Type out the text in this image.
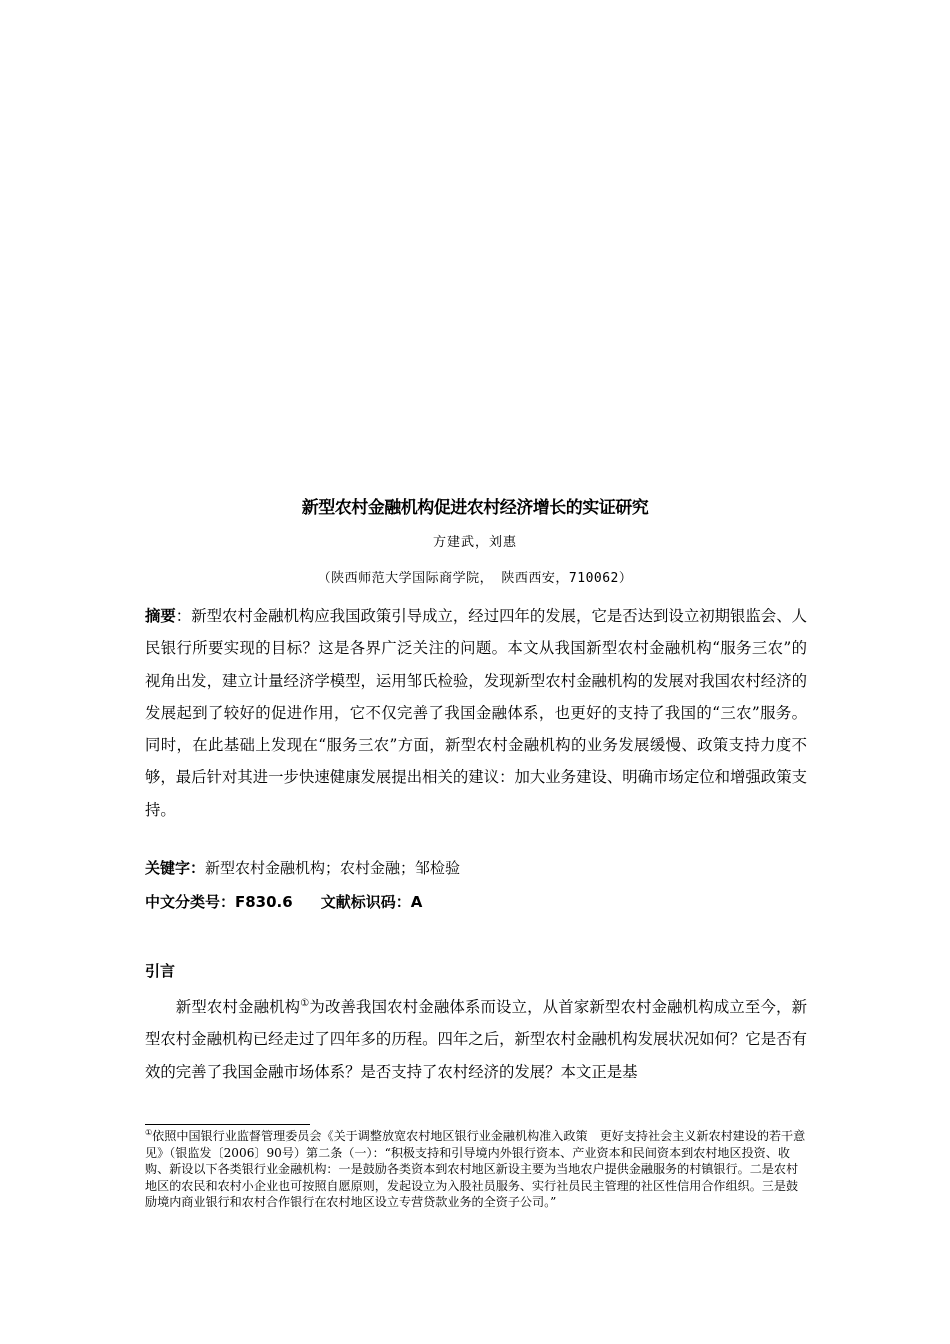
新型农村金融机构促进农村经济增长的实证研究
方建武，刘惠
（陕西师范大学国际商学院， 陕西西安，710062）
摘要：新型农村金融机构应我国政策引导成立，经过四年的发展，它是否达到设立初期银监会、人民银行所要实现的目标？这是各界广泛关注的问题。本文从我国新型农村金融机构“服务三农”的视角出发，建立计量经济学模型，运用邹氏检验，发现新型农村金融机构的发展对我国农村经济的发展起到了较好的促进作用，它不仅完善了我国金融体系，也更好的支持了我国的“三农”服务。同时，在此基础上发现在“服务三农”方面，新型农村金融机构的业务发展缓慢、政策支持力度不够，最后针对其进一步快速健康发展提出相关的建议：加大业务建设、明确市场定位和增强政策支持。
关键字：新型农村金融机构；农村金融；邹检验
中文分类号：F830.6 文献标识码：A
引言
新型农村金融机构①为改善我国农村金融体系而设立，从首家新型农村金融机构成立至今，新型农村金融机构已经走过了四年多的历程。四年之后，新型农村金融机构发展状况如何？它是否有效的完善了我国金融市场体系？是否支持了农村经济的发展？本文正是基
①依照中国银行业监督管理委员会《关于调整放宽农村地区银行业金融机构准入政策　更好支持社会主义新农村建设的若干意见》（银监发〔2006〕90号）第二条（一）：“积极支持和引导境内外银行资本、产业资本和民间资本到农村地区投资、收购、新设以下各类银行业金融机构：一是鼓励各类资本到农村地区新设主要为当地农户提供金融服务的村镇银行。二是农村地区的农民和农村小企业也可按照自愿原则，发起设立为入股社员服务、实行社员民主管理的社区性信用合作组织。三是鼓励境内商业银行和农村合作银行在农村地区设立专营贷款业务的全资子公司。”
